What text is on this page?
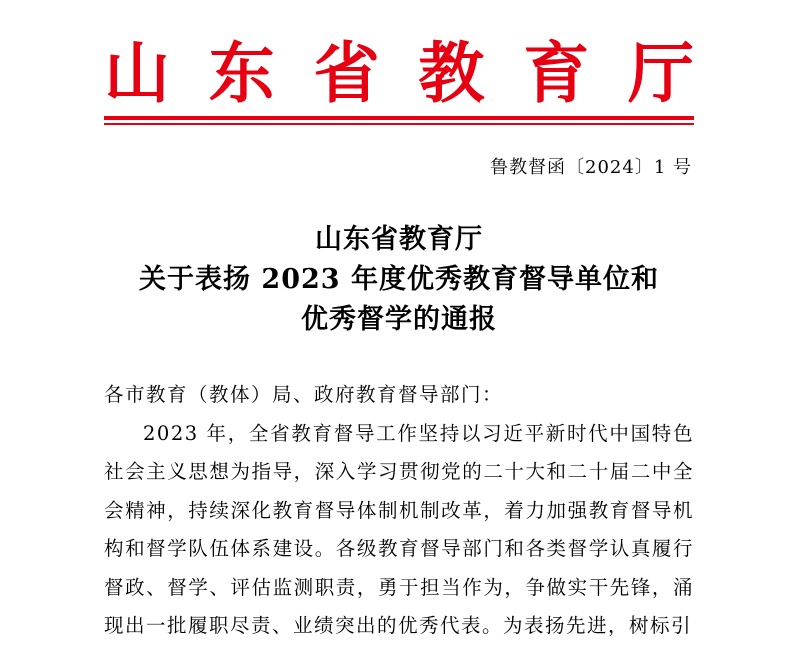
山 东 省 教 育 厅
鲁教督函〔2024〕1 号
山东省教育厅
关于表扬 2023 年度优秀教育督导单位和
优秀督学的通报
各市教育（教体）局、政府教育督导部门：
2023 年，全省教育督导工作坚持以习近平新时代中国特色社会主义思想为指导，深入学习贯彻党的二十大和二十届二中全会精神，持续深化教育督导体制机制改革，着力加强教育督导机构和督学队伍体系建设。各级教育督导部门和各类督学认真履行督政、督学、评估监测职责，勇于担当作为，争做实干先锋，涌现出一批履职尽责、业绩突出的优秀代表。为表扬先进，树标引
